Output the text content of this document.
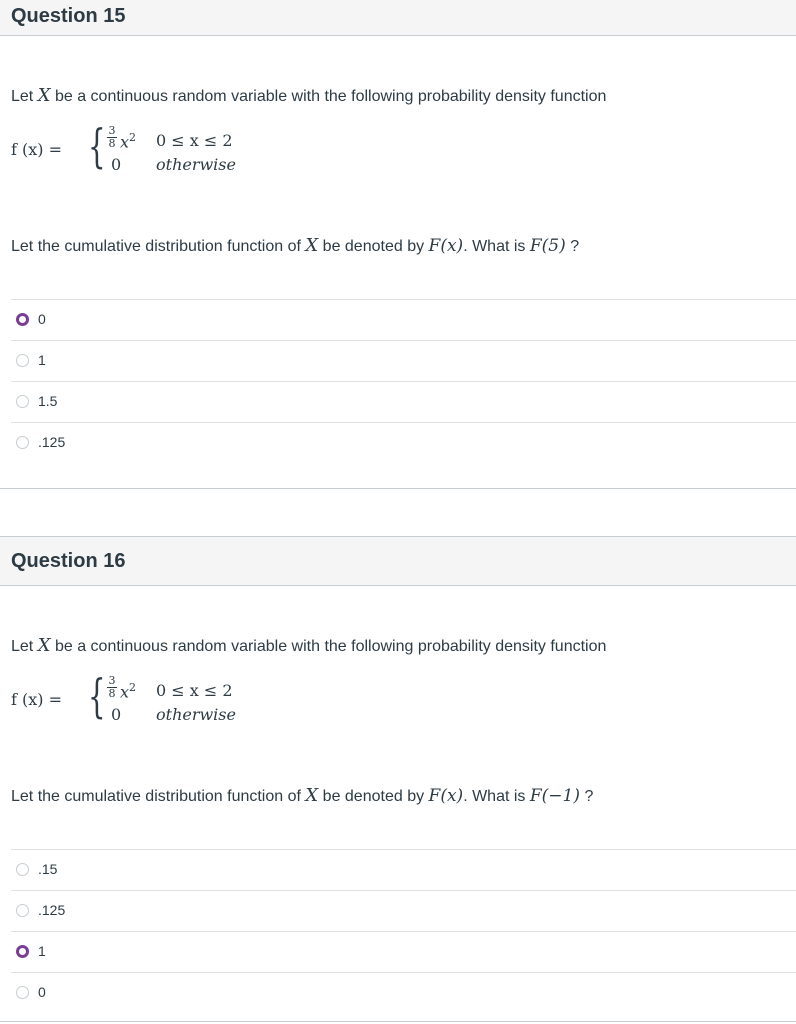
Question 15
Let X be a continuous random variable with the following probability density function
f (x) = { $\frac{3}{8} x^2$
0
0 ≤ x ≤ 2
otherwise
Let the cumulative distribution function of X be denoted by F(x). What is F(5) ?
0
1
1.5
.125
Question 16
Let X be a continuous random variable with the following probability density function
f (x) = { $\frac{3}{8} x^2$
0
0 ≤ x ≤ 2
otherwise
Let the cumulative distribution function of X be denoted by F(x). What is F(−1) ?
.15
.125
1
0
